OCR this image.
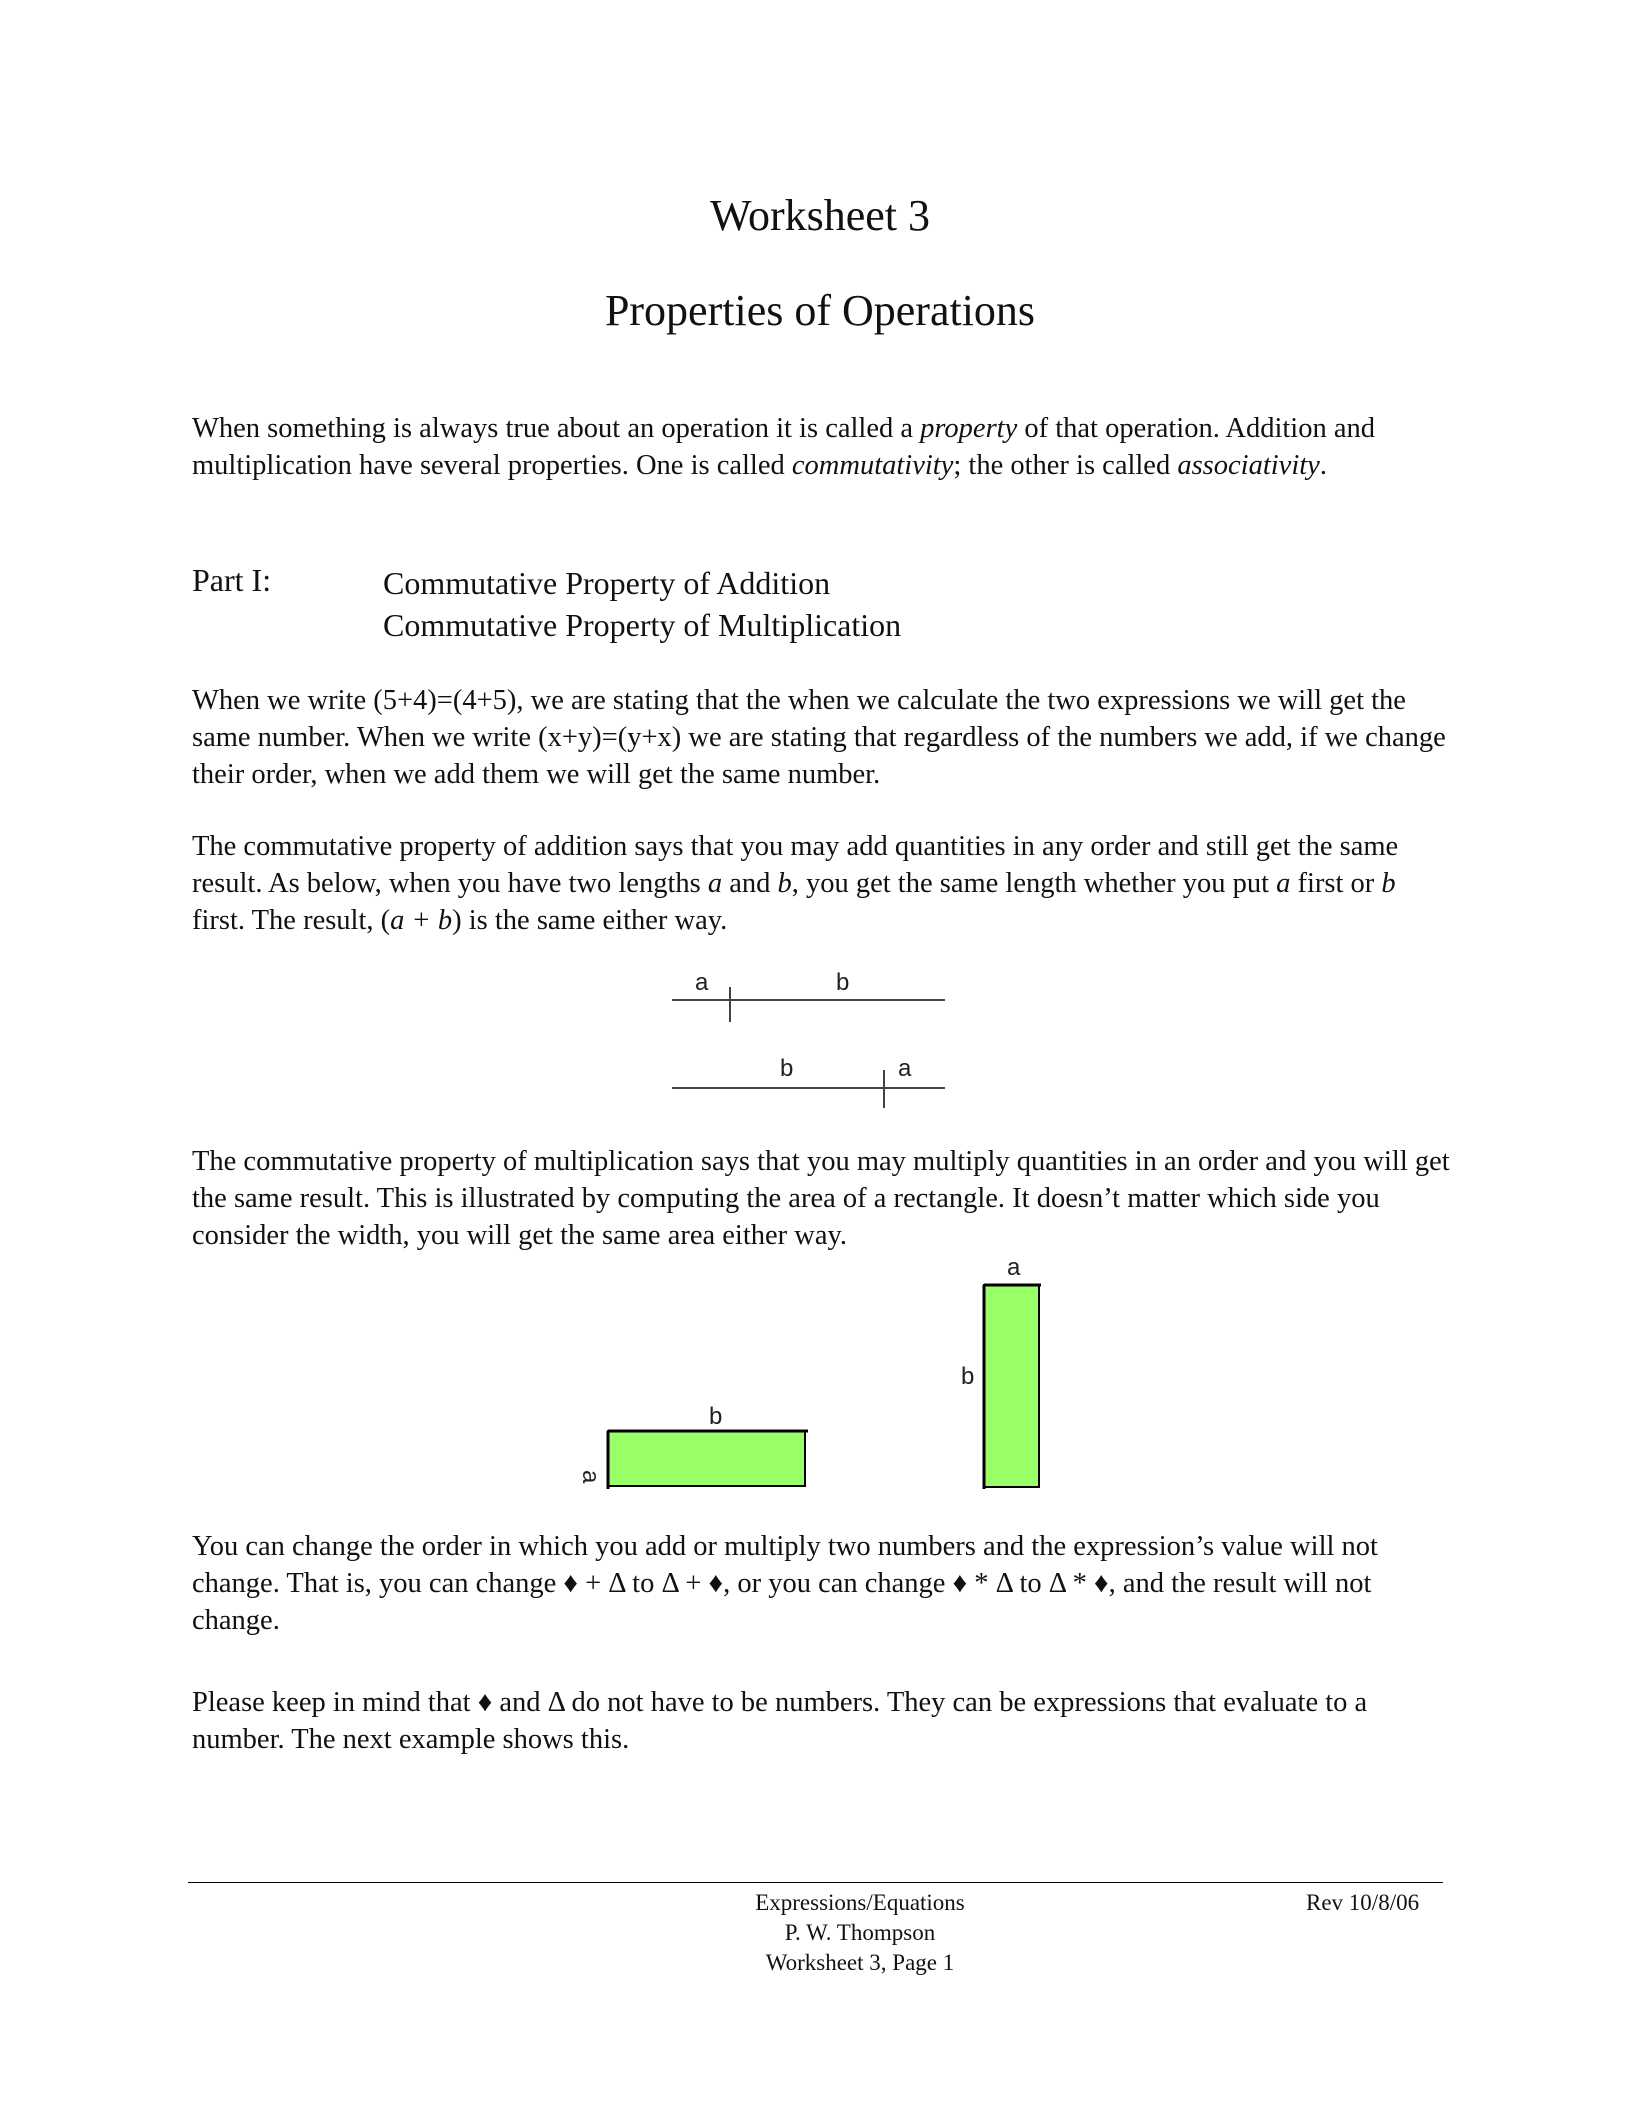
Worksheet 3
Properties of Operations

When something is always true about an operation it is called a property of that operation. Addition and multiplication have several properties. One is called commutativity; the other is called associativity.

Part I:	Commutative Property of Addition
Commutative Property of Multiplication

When we write (5+4)=(4+5), we are stating that the when we calculate the two expressions we will get the same number. When we write (x+y)=(y+x) we are stating that regardless of the numbers we add, if we change their order, when we add them we will get the same number.

The commutative property of addition says that you may add quantities in any order and still get the same result. As below, when you have two lengths a and b, you get the same length whether you put a first or b first. The result, (a + b) is the same either way.

a	b
b	a

The commutative property of multiplication says that you may multiply quantities in an order and you will get the same result. This is illustrated by computing the area of a rectangle. It doesn’t matter which side you consider the width, you will get the same area either way.

b
a
a
b

You can change the order in which you add or multiply two numbers and the expression’s value will not change. That is, you can change ♦ + Δ to Δ + ♦, or you can change ♦ * Δ to Δ * ♦, and the result will not change.

Please keep in mind that ♦ and Δ do not have to be numbers. They can be expressions that evaluate to a number. The next example shows this.

Expressions/Equations
P. W. Thompson
Worksheet 3, Page 1
Rev 10/8/06
